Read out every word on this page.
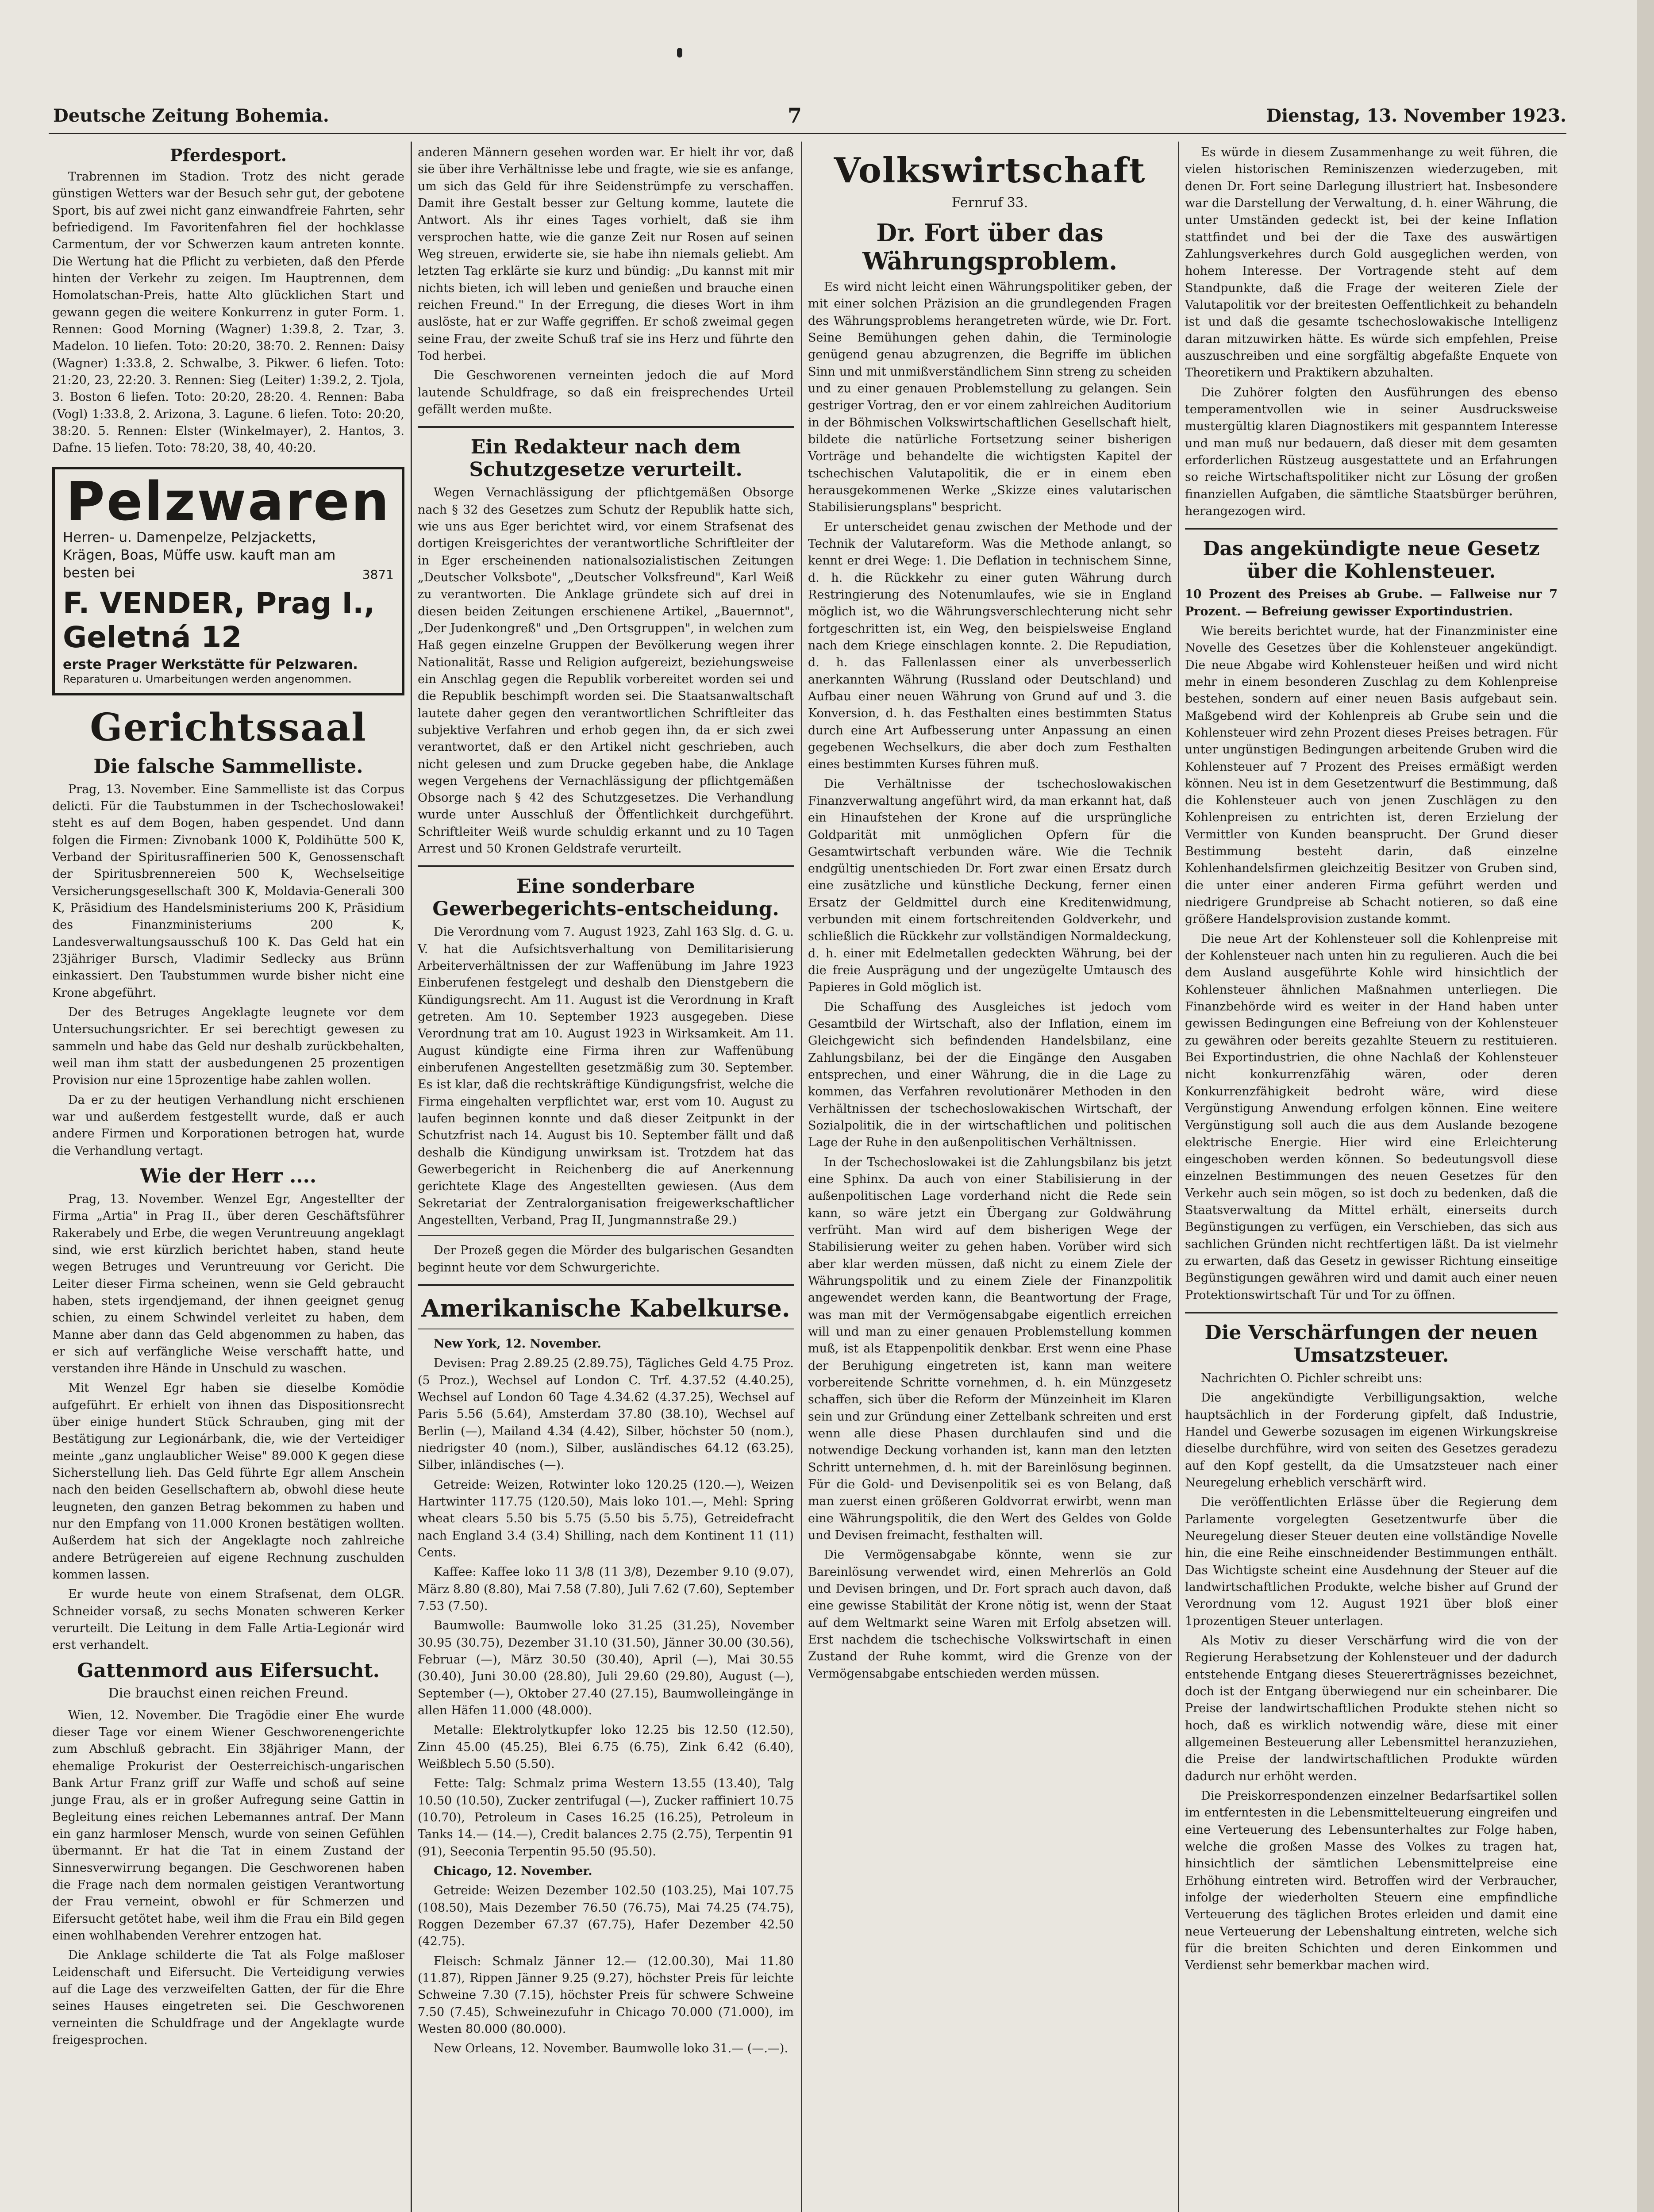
Deutsche Zeitung Bohemia.	7	Dienstag, 13. November 1923.
Pferdesport.

Trabrennen im Stadion. Trotz des nicht gerade günstigen Wetters war der Besuch sehr gut, der gebotene Sport, bis auf zwei nicht ganz einwandfreie Fahrten, sehr befriedigend. Im Favoritenfahren fiel der hochklasse Carmentum, der vor Schwerzen kaum antreten konnte. Die Wertung hat die Pflicht zu verbieten, daß den Pferde hinten der Verkehr zu zeigen. Im Hauptrennen, dem Homolatschan-Preis, hatte Alto glücklichen Start und gewann gegen die weitere Konkurrenz in guter Form. 1. Rennen: Good Morning (Wagner) 1:39.8, 2. Tzar, 3. Madelon. 10 liefen. Toto: 20:20, 38:70. 2. Rennen: Daisy (Wagner) 1:33.8, 2. Schwalbe, 3. Pikwer. 6 liefen. Toto: 21:20, 23, 22:20. 3. Rennen: Sieg (Leiter) 1:39.2, 2. Tjola, 3. Boston 6 liefen. Toto: 20:20, 28:20. 4. Rennen: Baba (Vogl) 1:33.8, 2. Arizona, 3. Lagune. 6 liefen. Toto: 20:20, 38:20. 5. Rennen: Elster (Winkelmayer), 2. Hantos, 3. Dafne. 15 liefen. Toto: 78:20, 38, 40, 40:20.

Pelzwaren
Herren- u. Damenpelze, Pelzjacketts, Krägen, Boas, Müffe usw. kauft man am besten bei	3871
F. VENDER, Prag I., Geletná 12
erste Prager Werkstätte für Pelzwaren.
Reparaturen u. Umarbeitungen werden angenommen.
Gerichtssaal
Die falsche Sammelliste.

Prag, 13. November. Eine Sammelliste ist das Corpus delicti. Für die Taubstummen in der Tschechoslowakei! steht es auf dem Bogen, haben gespendet. Und dann folgen die Firmen: Zivnobank 1000 K, Poldihütte 500 K, Verband der Spiritusraffinerien 500 K, Genossenschaft der Spiritusbrennereien 500 K, Wechselseitige Versicherungsgesellschaft 300 K, Moldavia-Generali 300 K, Präsidium des Handelsministeriums 200 K, Präsidium des Finanzministeriums 200 K, Landesverwaltungsausschuß 100 K. Das Geld hat ein 23jähriger Bursch, Vladimir Sedlecky aus Brünn einkassiert. Den Taubstummen wurde bisher nicht eine Krone abgeführt.

Der des Betruges Angeklagte leugnete vor dem Untersuchungsrichter. Er sei berechtigt gewesen zu sammeln und habe das Geld nur deshalb zurückbehalten, weil man ihm statt der ausbedungenen 25 prozentigen Provision nur eine 15prozentige habe zahlen wollen.

Da er zu der heutigen Verhandlung nicht erschienen war und außerdem festgestellt wurde, daß er auch andere Firmen und Korporationen betrogen hat, wurde die Verhandlung vertagt.

Wie der Herr ....

Prag, 13. November. Wenzel Egr, Angestellter der Firma „Artia" in Prag II., über deren Geschäftsführer Rakerabely und Erbe, die wegen Veruntreuung angeklagt sind, wie erst kürzlich berichtet haben, stand heute wegen Betruges und Veruntreuung vor Gericht. Die Leiter dieser Firma scheinen, wenn sie Geld gebraucht haben, stets irgendjemand, der ihnen geeignet genug schien, zu einem Schwindel verleitet zu haben, dem Manne aber dann das Geld abgenommen zu haben, das er sich auf verfängliche Weise verschafft hatte, und verstanden ihre Hände in Unschuld zu waschen.

Mit Wenzel Egr haben sie dieselbe Komödie aufgeführt. Er erhielt von ihnen das Dispositionsrecht über einige hundert Stück Schrauben, ging mit der Bestätigung zur Legionárbank, die, wie der Verteidiger meinte „ganz unglaublicher Weise" 89.000 K gegen diese Sicherstellung lieh. Das Geld führte Egr allem Anschein nach den beiden Gesellschaftern ab, obwohl diese heute leugneten, den ganzen Betrag bekommen zu haben und nur den Empfang von 11.000 Kronen bestätigen wollten. Außerdem hat sich der Angeklagte noch zahlreiche andere Betrügereien auf eigene Rechnung zuschulden kommen lassen.

Er wurde heute von einem Strafsenat, dem OLGR. Schneider vorsaß, zu sechs Monaten schweren Kerker verurteilt. Die Leitung in dem Falle Artia-Legionár wird erst verhandelt.

Gattenmord aus Eifersucht.
Die brauchst einen reichen Freund.

Wien, 12. November. Die Tragödie einer Ehe wurde dieser Tage vor einem Wiener Geschworenengerichte zum Abschluß gebracht. Ein 38jähriger Mann, der ehemalige Prokurist der Oesterreichisch-ungarischen Bank Artur Franz griff zur Waffe und schoß auf seine junge Frau, als er in großer Aufregung seine Gattin in Begleitung eines reichen Lebemannes antraf. Der Mann ein ganz harmloser Mensch, wurde von seinen Gefühlen übermannt. Er hat die Tat in einem Zustand der Sinnesverwirrung begangen. Die Geschworenen haben die Frage nach dem normalen geistigen Verantwortung der Frau verneint, obwohl er für Schmerzen und Eifersucht getötet habe, weil ihm die Frau ein Bild gegen einen wohlhabenden Verehrer entzogen hat.

Die Anklage schilderte die Tat als Folge maßloser Leidenschaft und Eifersucht. Die Verteidigung verwies auf die Lage des verzweifelten Gatten, der für die Ehre seines Hauses eingetreten sei. Die Geschworenen verneinten die Schuldfrage und der Angeklagte wurde freigesprochen.

anderen Männern gesehen worden war. Er hielt ihr vor, daß sie über ihre Verhältnisse lebe und fragte, wie sie es anfange, um sich das Geld für ihre Seidenstrümpfe zu verschaffen. Damit ihre Gestalt besser zur Geltung komme, lautete die Antwort. Als ihr eines Tages vorhielt, daß sie ihm versprochen hatte, wie die ganze Zeit nur Rosen auf seinen Weg streuen, erwiderte sie, sie habe ihn niemals geliebt. Am letzten Tag erklärte sie kurz und bündig: „Du kannst mit mir nichts bieten, ich will leben und genießen und brauche einen reichen Freund." In der Erregung, die dieses Wort in ihm auslöste, hat er zur Waffe gegriffen. Er schoß zweimal gegen seine Frau, der zweite Schuß traf sie ins Herz und führte den Tod herbei.

Die Geschworenen verneinten jedoch die auf Mord lautende Schuldfrage, so daß ein freisprechendes Urteil gefällt werden mußte.

Ein Redakteur nach dem Schutzgesetze verurteilt.

Wegen Vernachlässigung der pflichtgemäßen Obsorge nach § 32 des Gesetzes zum Schutz der Republik hatte sich, wie uns aus Eger berichtet wird, vor einem Strafsenat des dortigen Kreisgerichtes der verantwortliche Schriftleiter der in Eger erscheinenden nationalsozialistischen Zeitungen „Deutscher Volksbote", „Deutscher Volksfreund", Karl Weiß zu verantworten. Die Anklage gründete sich auf drei in diesen beiden Zeitungen erschienene Artikel, „Bauernnot", „Der Judenkongreß" und „Den Ortsgruppen", in welchen zum Haß gegen einzelne Gruppen der Bevölkerung wegen ihrer Nationalität, Rasse und Religion aufgereizt, beziehungsweise ein Anschlag gegen die Republik vorbereitet worden sei und die Republik beschimpft worden sei. Die Staatsanwaltschaft lautete daher gegen den verantwortlichen Schriftleiter das subjektive Verfahren und erhob gegen ihn, da er sich zwei verantwortet, daß er den Artikel nicht geschrieben, auch nicht gelesen und zum Drucke gegeben habe, die Anklage wegen Vergehens der Vernachlässigung der pflichtgemäßen Obsorge nach § 42 des Schutzgesetzes. Die Verhandlung wurde unter Ausschluß der Öffentlichkeit durchgeführt. Schriftleiter Weiß wurde schuldig erkannt und zu 10 Tagen Arrest und 50 Kronen Geldstrafe verurteilt.

Eine sonderbare Gewerbegerichts-entscheidung.

Die Verordnung vom 7. August 1923, Zahl 163 Slg. d. G. u. V. hat die Aufsichtsverhaltung von Demilitarisierung Arbeiterverhältnissen der zur Waffenübung im Jahre 1923 Einberufenen festgelegt und deshalb den Dienstgebern die Kündigungsrecht. Am 11. August ist die Verordnung in Kraft getreten. Am 10. September 1923 ausgegeben. Diese Verordnung trat am 10. August 1923 in Wirksamkeit. Am 11. August kündigte eine Firma ihren zur Waffenübung einberufenen Angestellten gesetzmäßig zum 30. September. Es ist klar, daß die rechtskräftige Kündigungsfrist, welche die Firma eingehalten verpflichtet war, erst vom 10. August zu laufen beginnen konnte und daß dieser Zeitpunkt in der Schutzfrist nach 14. August bis 10. September fällt und daß deshalb die Kündigung unwirksam ist. Trotzdem hat das Gewerbegericht in Reichenberg die auf Anerkennung gerichtete Klage des Angestellten gewiesen. (Aus dem Sekretariat der Zentralorganisation freigewerkschaftlicher Angestellten, Verband, Prag II, Jungmannstraße 29.)

Der Prozeß gegen die Mörder des bulgarischen Gesandten beginnt heute vor dem Schwurgerichte.

Amerikanische Kabelkurse.

New York, 12. November.

Devisen: Prag 2.89.25 (2.89.75), Tägliches Geld 4.75 Proz. (5 Proz.), Wechsel auf London C. Trf. 4.37.52 (4.40.25), Wechsel auf London 60 Tage 4.34.62 (4.37.25), Wechsel auf Paris 5.56 (5.64), Amsterdam 37.80 (38.10), Wechsel auf Berlin (—), Mailand 4.34 (4.42), Silber, höchster 50 (nom.), niedrigster 40 (nom.), Silber, ausländisches 64.12 (63.25), Silber, inländisches (—).

Getreide: Weizen, Rotwinter loko 120.25 (120.—), Weizen Hartwinter 117.75 (120.50), Mais loko 101.—, Mehl: Spring wheat clears 5.50 bis 5.75 (5.50 bis 5.75), Getreidefracht nach England 3.4 (3.4) Shilling, nach dem Kontinent 11 (11) Cents.

Kaffee: Kaffee loko 11 3/8 (11 3/8), Dezember 9.10 (9.07), März 8.80 (8.80), Mai 7.58 (7.80), Juli 7.62 (7.60), September 7.53 (7.50).

Baumwolle: Baumwolle loko 31.25 (31.25), November 30.95 (30.75), Dezember 31.10 (31.50), Jänner 30.00 (30.56), Februar (—), März 30.50 (30.40), April (—), Mai 30.55 (30.40), Juni 30.00 (28.80), Juli 29.60 (29.80), August (—), September (—), Oktober 27.40 (27.15), Baumwolleingänge in allen Häfen 11.000 (48.000).

Metalle: Elektrolytkupfer loko 12.25 bis 12.50 (12.50), Zinn 45.00 (45.25), Blei 6.75 (6.75), Zink 6.42 (6.40), Weißblech 5.50 (5.50).

Fette: Talg: Schmalz prima Western 13.55 (13.40), Talg 10.50 (10.50), Zucker zentrifugal (—), Zucker raffiniert 10.75 (10.70), Petroleum in Cases 16.25 (16.25), Petroleum in Tanks 14.— (14.—), Credit balances 2.75 (2.75), Terpentin 91 (91), Seeconia Terpentin 95.50 (95.50).

Chicago, 12. November.

Getreide: Weizen Dezember 102.50 (103.25), Mai 107.75 (108.50), Mais Dezember 76.50 (76.75), Mai 74.25 (74.75), Roggen Dezember 67.37 (67.75), Hafer Dezember 42.50 (42.75).

Fleisch: Schmalz Jänner 12.— (12.00.30), Mai 11.80 (11.87), Rippen Jänner 9.25 (9.27), höchster Preis für leichte Schweine 7.30 (7.15), höchster Preis für schwere Schweine 7.50 (7.45), Schweinezufuhr in Chicago 70.000 (71.000), im Westen 80.000 (80.000).

New Orleans, 12. November. Baumwolle loko 31.— (—.—).

Volkswirtschaft
Fernruf 33.
Dr. Fort über das Währungsproblem.

Es wird nicht leicht einen Währungspolitiker geben, der mit einer solchen Präzision an die grundlegenden Fragen des Währungsproblems herangetreten würde, wie Dr. Fort. Seine Bemühungen gehen dahin, die Terminologie genügend genau abzugrenzen, die Begriffe im üblichen Sinn und mit unmißverständlichem Sinn streng zu scheiden und zu einer genauen Problemstellung zu gelangen. Sein gestriger Vortrag, den er vor einem zahlreichen Auditorium in der Böhmischen Volkswirtschaftlichen Gesellschaft hielt, bildete die natürliche Fortsetzung seiner bisherigen Vorträge und behandelte die wichtigsten Kapitel der tschechischen Valutapolitik, die er in einem eben herausgekommenen Werke „Skizze eines valutarischen Stabilisierungsplans" bespricht.

Er unterscheidet genau zwischen der Methode und der Technik der Valutareform. Was die Methode anlangt, so kennt er drei Wege: 1. Die Deflation in technischem Sinne, d. h. die Rückkehr zu einer guten Währung durch Restringierung des Notenumlaufes, wie sie in England möglich ist, wo die Währungsverschlechterung nicht sehr fortgeschritten ist, ein Weg, den beispielsweise England nach dem Kriege einschlagen konnte. 2. Die Repudiation, d. h. das Fallenlassen einer als unverbesserlich anerkannten Währung (Russland oder Deutschland) und Aufbau einer neuen Währung von Grund auf und 3. die Konversion, d. h. das Festhalten eines bestimmten Status durch eine Art Aufbesserung unter Anpassung an einen gegebenen Wechselkurs, die aber doch zum Festhalten eines bestimmten Kurses führen muß.

Die Verhältnisse der tschechoslowakischen Finanzverwaltung angeführt wird, da man erkannt hat, daß ein Hinaufstehen der Krone auf die ursprüngliche Goldparität mit unmöglichen Opfern für die Gesamtwirtschaft verbunden wäre. Wie die Technik endgültig unentschieden Dr. Fort zwar einen Ersatz durch eine zusätzliche und künstliche Deckung, ferner einen Ersatz der Geldmittel durch eine Kreditenwidmung, verbunden mit einem fortschreitenden Goldverkehr, und schließlich die Rückkehr zur vollständigen Normaldeckung, d. h. einer mit Edelmetallen gedeckten Währung, bei der die freie Ausprägung und der ungezügelte Umtausch des Papieres in Gold möglich ist.

Die Schaffung des Ausgleiches ist jedoch vom Gesamtbild der Wirtschaft, also der Inflation, einem im Gleichgewicht sich befindenden Handelsbilanz, eine Zahlungsbilanz, bei der die Eingänge den Ausgaben entsprechen, und einer Währung, die in die Lage zu kommen, das Verfahren revolutionärer Methoden in den Verhältnissen der tschechoslowakischen Wirtschaft, der Sozialpolitik, die in der wirtschaftlichen und politischen Lage der Ruhe in den außenpolitischen Verhältnissen.

In der Tschechoslowakei ist die Zahlungsbilanz bis jetzt eine Sphinx. Da auch von einer Stabilisierung in der außenpolitischen Lage vorderhand nicht die Rede sein kann, so wäre jetzt ein Übergang zur Goldwährung verfrüht. Man wird auf dem bisherigen Wege der Stabilisierung weiter zu gehen haben. Vorüber wird sich aber klar werden müssen, daß nicht zu einem Ziele der Währungspolitik und zu einem Ziele der Finanzpolitik angewendet werden kann, die Beantwortung der Frage, was man mit der Vermögensabgabe eigentlich erreichen will und man zu einer genauen Problemstellung kommen muß, ist als Etappenpolitik denkbar. Erst wenn eine Phase der Beruhigung eingetreten ist, kann man weitere vorbereitende Schritte vornehmen, d. h. ein Münzgesetz schaffen, sich über die Reform der Münzeinheit im Klaren sein und zur Gründung einer Zettelbank schreiten und erst wenn alle diese Phasen durchlaufen sind und die notwendige Deckung vorhanden ist, kann man den letzten Schritt unternehmen, d. h. mit der Bareinlösung beginnen. Für die Gold- und Devisenpolitik sei es von Belang, daß man zuerst einen größeren Goldvorrat erwirbt, wenn man eine Währungspolitik, die den Wert des Geldes von Golde und Devisen freimacht, festhalten will.

Die Vermögensabgabe könnte, wenn sie zur Bareinlösung verwendet wird, einen Mehrerlös an Gold und Devisen bringen, und Dr. Fort sprach auch davon, daß eine gewisse Stabilität der Krone nötig ist, wenn der Staat auf dem Weltmarkt seine Waren mit Erfolg absetzen will. Erst nachdem die tschechische Volkswirtschaft in einen Zustand der Ruhe kommt, wird die Grenze von der Vermögensabgabe entschieden werden müssen.

Es würde in diesem Zusammenhange zu weit führen, die vielen historischen Reminiszenzen wiederzugeben, mit denen Dr. Fort seine Darlegung illustriert hat. Insbesondere war die Darstellung der Verwaltung, d. h. einer Währung, die unter Umständen gedeckt ist, bei der keine Inflation stattfindet und bei der die Taxe des auswärtigen Zahlungsverkehres durch Gold ausgeglichen werden, von hohem Interesse. Der Vortragende steht auf dem Standpunkte, daß die Frage der weiteren Ziele der Valutapolitik vor der breitesten Oeffentlichkeit zu behandeln ist und daß die gesamte tschechoslowakische Intelligenz daran mitzuwirken hätte. Es würde sich empfehlen, Preise auszuschreiben und eine sorgfältig abgefaßte Enquete von Theoretikern und Praktikern abzuhalten.

Die Zuhörer folgten den Ausführungen des ebenso temperamentvollen wie in seiner Ausdrucksweise mustergültig klaren Diagnostikers mit gespanntem Interesse und man muß nur bedauern, daß dieser mit dem gesamten erforderlichen Rüstzeug ausgestattete und an Erfahrungen so reiche Wirtschaftspolitiker nicht zur Lösung der großen finanziellen Aufgaben, die sämtliche Staatsbürger berühren, herangezogen wird.

Das angekündigte neue Gesetz über die Kohlensteuer.

10 Prozent des Preises ab Grube. — Fallweise nur 7 Prozent. — Befreiung gewisser Exportindustrien.

Wie bereits berichtet wurde, hat der Finanzminister eine Novelle des Gesetzes über die Kohlensteuer angekündigt. Die neue Abgabe wird Kohlensteuer heißen und wird nicht mehr in einem besonderen Zuschlag zu dem Kohlenpreise bestehen, sondern auf einer neuen Basis aufgebaut sein. Maßgebend wird der Kohlenpreis ab Grube sein und die Kohlensteuer wird zehn Prozent dieses Preises betragen. Für unter ungünstigen Bedingungen arbeitende Gruben wird die Kohlensteuer auf 7 Prozent des Preises ermäßigt werden können. Neu ist in dem Gesetzentwurf die Bestimmung, daß die Kohlensteuer auch von jenen Zuschlägen zu den Kohlenpreisen zu entrichten ist, deren Erzielung der Vermittler von Kunden beansprucht. Der Grund dieser Bestimmung besteht darin, daß einzelne Kohlenhandelsfirmen gleichzeitig Besitzer von Gruben sind, die unter einer anderen Firma geführt werden und niedrigere Grundpreise ab Schacht notieren, so daß eine größere Handelsprovision zustande kommt.

Die neue Art der Kohlensteuer soll die Kohlenpreise mit der Kohlensteuer nach unten hin zu regulieren. Auch die bei dem Ausland ausgeführte Kohle wird hinsichtlich der Kohlensteuer ähnlichen Maßnahmen unterliegen. Die Finanzbehörde wird es weiter in der Hand haben unter gewissen Bedingungen eine Befreiung von der Kohlensteuer zu gewähren oder bereits gezahlte Steuern zu restituieren. Bei Exportindustrien, die ohne Nachlaß der Kohlensteuer nicht konkurrenzfähig wären, oder deren Konkurrenzfähigkeit bedroht wäre, wird diese Vergünstigung Anwendung erfolgen können. Eine weitere Vergünstigung soll auch die aus dem Auslande bezogene elektrische Energie. Hier wird eine Erleichterung eingeschoben werden können. So bedeutungsvoll diese einzelnen Bestimmungen des neuen Gesetzes für den Verkehr auch sein mögen, so ist doch zu bedenken, daß die Staatsverwaltung da Mittel erhält, einerseits durch Begünstigungen zu verfügen, ein Verschieben, das sich aus sachlichen Gründen nicht rechtfertigen läßt. Da ist vielmehr zu erwarten, daß das Gesetz in gewisser Richtung einseitige Begünstigungen gewähren wird und damit auch einer neuen Protektionswirtschaft Tür und Tor zu öffnen.

Die Verschärfungen der neuen Umsatzsteuer.

Nachrichten O. Pichler schreibt uns:

Die angekündigte Verbilligungsaktion, welche hauptsächlich in der Forderung gipfelt, daß Industrie, Handel und Gewerbe sozusagen im eigenen Wirkungskreise dieselbe durchführe, wird von seiten des Gesetzes geradezu auf den Kopf gestellt, da die Umsatzsteuer nach einer Neuregelung erheblich verschärft wird.

Die veröffentlichten Erlässe über die Regierung dem Parlamente vorgelegten Gesetzentwurfe über die Neuregelung dieser Steuer deuten eine vollständige Novelle hin, die eine Reihe einschneidender Bestimmungen enthält. Das Wichtigste scheint eine Ausdehnung der Steuer auf die landwirtschaftlichen Produkte, welche bisher auf Grund der Verordnung vom 12. August 1921 über bloß einer 1prozentigen Steuer unterlagen.

Als Motiv zu dieser Verschärfung wird die von der Regierung Herabsetzung der Kohlensteuer und der dadurch entstehende Entgang dieses Steuererträgnisses bezeichnet, doch ist der Entgang überwiegend nur ein scheinbarer. Die Preise der landwirtschaftlichen Produkte stehen nicht so hoch, daß es wirklich notwendig wäre, diese mit einer allgemeinen Besteuerung aller Lebensmittel heranzuziehen, die Preise der landwirtschaftlichen Produkte würden dadurch nur erhöht werden.

Die Preiskorrespondenzen einzelner Bedarfsartikel sollen im entferntesten in die Lebensmittelteuerung eingreifen und eine Verteuerung des Lebensunterhaltes zur Folge haben, welche die großen Masse des Volkes zu tragen hat, hinsichtlich der sämtlichen Lebensmittelpreise eine Erhöhung eintreten wird. Betroffen wird der Verbraucher, infolge der wiederholten Steuern eine empfindliche Verteuerung des täglichen Brotes erleiden und damit eine neue Verteuerung der Lebenshaltung eintreten, welche sich für die breiten Schichten und deren Einkommen und Verdienst sehr bemerkbar machen wird.
